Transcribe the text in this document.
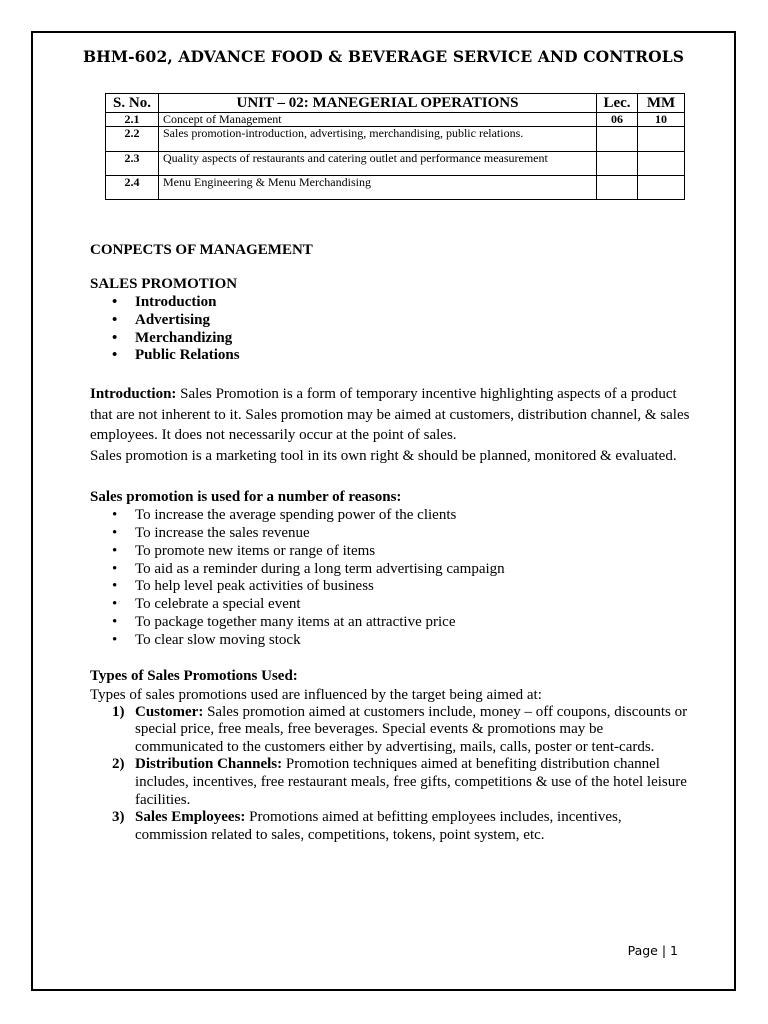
BHM-602, ADVANCE FOOD & BEVERAGE SERVICE AND CONTROLS
S. No.	UNIT – 02: MANEGERIAL OPERATIONS	Lec.	MM
2.1	Concept of Management	06	10
2.2	Sales promotion-introduction, advertising, merchandising, public relations.		
2.3	Quality aspects of restaurants and catering outlet and performance measurement		
2.4	Menu Engineering & Menu Merchandising		
CONPECTS OF MANAGEMENT
SALES PROMOTION
• Introduction
• Advertising
• Merchandizing
• Public Relations
Introduction: Sales Promotion is a form of temporary incentive highlighting aspects of a product that are not inherent to it. Sales promotion may be aimed at customers, distribution channel, & sales employees. It does not necessarily occur at the point of sales.
Sales promotion is a marketing tool in its own right & should be planned, monitored & evaluated.
Sales promotion is used for a number of reasons:
• To increase the average spending power of the clients
• To increase the sales revenue
• To promote new items or range of items
• To aid as a reminder during a long term advertising campaign
• To help level peak activities of business
• To celebrate a special event
• To package together many items at an attractive price
• To clear slow moving stock
Types of Sales Promotions Used:
Types of sales promotions used are influenced by the target being aimed at:
1) Customer: Sales promotion aimed at customers include, money – off coupons, discounts or special price, free meals, free beverages. Special events & promotions may be communicated to the customers either by advertising, mails, calls, poster or tent-cards.
2) Distribution Channels: Promotion techniques aimed at benefiting distribution channel includes, incentives, free restaurant meals, free gifts, competitions & use of the hotel leisure facilities.
3) Sales Employees: Promotions aimed at befitting employees includes, incentives, commission related to sales, competitions, tokens, point system, etc.
Page | 1
